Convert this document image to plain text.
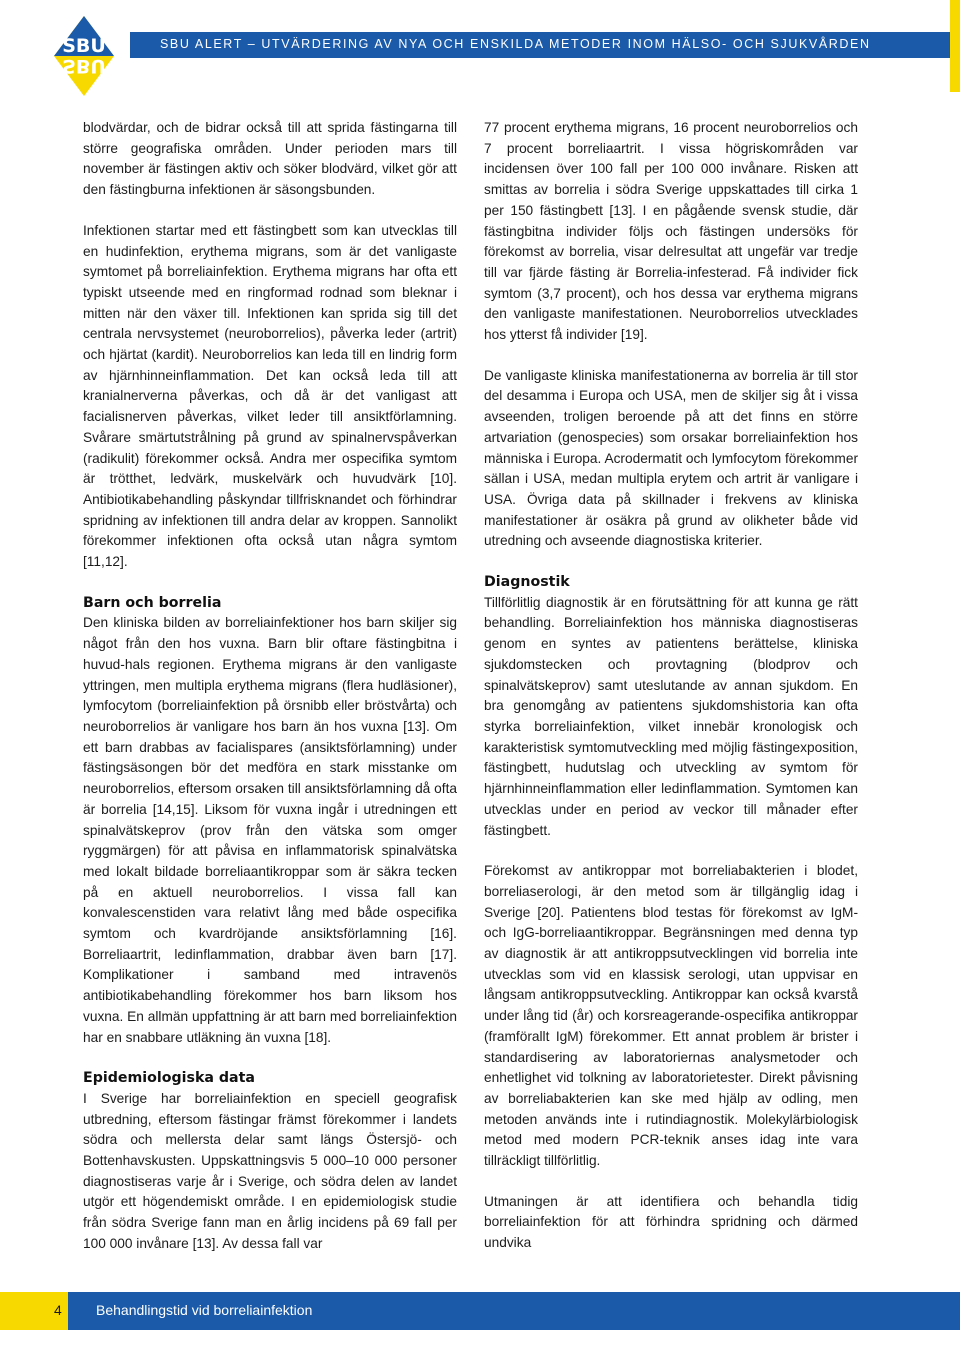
SBU ALERT – UTVÄRDERING AV NYA OCH ENSKILDA METODER INOM HÄLSO- OCH SJUKVÅRDEN
SBU
SBU

blodvärdar, och de bidrar också till att sprida fästingarna till större geografiska områden. Under perioden mars till november är fästingen aktiv och söker blodvärd, vilket gör att den fästingburna infektionen är säsongsbunden.

Infektionen startar med ett fästingbett som kan utvecklas till en hudinfektion, erythema migrans, som är det vanligaste symtomet på borreliainfektion. Erythema migrans har ofta ett typiskt utseende med en ringformad rodnad som bleknar i mitten när den växer till. Infektionen kan sprida sig till det centrala nervsystemet (neuroborrelios), påverka leder (artrit) och hjärtat (kardit). Neuroborrelios kan leda till en lindrig form av hjärnhinneinflammation. Det kan också leda till att kranialnerverna påverkas, och då är det vanligast att facialisnerven påverkas, vilket leder till ansiktförlamning. Svårare smärtutstrålning på grund av spinalnervspåverkan (radikulit) förekommer också. Andra mer ospecifika symtom är trötthet, ledvärk, muskelvärk och huvudvärk [10]. Antibiotikabehandling påskyndar tillfrisknandet och förhindrar spridning av infektionen till andra delar av kroppen. Sannolikt förekommer infektionen ofta också utan några symtom [11,12].

Barn och borrelia

Den kliniska bilden av borreliainfektioner hos barn skiljer sig något från den hos vuxna. Barn blir oftare fästingbitna i huvud-hals regionen. Erythema migrans är den vanligaste yttringen, men multipla erythema migrans (flera hudläsioner), lymfocytom (borreliainfektion på örsnibb eller bröstvårta) och neuroborrelios är vanligare hos barn än hos vuxna [13]. Om ett barn drabbas av facialispares (ansiktsförlamning) under fästingsäsongen bör det medföra en stark misstanke om neuroborrelios, eftersom orsaken till ansiktsförlamning då ofta är borrelia [14,15]. Liksom för vuxna ingår i utredningen ett spinalvätskeprov (prov från den vätska som omger ryggmärgen) för att påvisa en inflammatorisk spinalvätska med lokalt bildade borreliaantikroppar som är säkra tecken på en aktuell neuroborrelios. I vissa fall kan konvalescenstiden vara relativt lång med både ospecifika symtom och kvardröjande ansiktsförlamning [16]. Borreliaartrit, ledinflammation, drabbar även barn [17]. Komplikationer i samband med intravenös antibiotikabehandling förekommer hos barn liksom hos vuxna. En allmän uppfattning är att barn med borreliainfektion har en snabbare utläkning än vuxna [18].

Epidemiologiska data

I Sverige har borreliainfektion en speciell geografisk utbredning, eftersom fästingar främst förekommer i landets södra och mellersta delar samt längs Östersjö- och Bottenhavskusten. Uppskattningsvis 5 000–10 000 personer diagnostiseras varje år i Sverige, och södra delen av landet utgör ett högendemiskt område. I en epidemiologisk studie från södra Sverige fann man en årlig incidens på 69 fall per 100 000 invånare [13]. Av dessa fall var

77 procent erythema migrans, 16 procent neuroborrelios och 7 procent borreliaartrit. I vissa högriskområden var incidensen över 100 fall per 100 000 invånare. Risken att smittas av borrelia i södra Sverige uppskattades till cirka 1 per 150 fästingbett [13]. I en pågående svensk studie, där fästingbitna individer följs och fästingen undersöks för förekomst av borrelia, visar delresultat att ungefär var tredje till var fjärde fästing är Borrelia-infesterad. Få individer fick symtom (3,7 procent), och hos dessa var erythema migrans den vanligaste manifestationen. Neuroborrelios utvecklades hos ytterst få individer [19].

De vanligaste kliniska manifestationerna av borrelia är till stor del desamma i Europa och USA, men de skiljer sig åt i vissa avseenden, troligen beroende på att det finns en större artvariation (genospecies) som orsakar borreliainfektion hos människa i Europa. Acrodermatit och lymfocytom förekommer sällan i USA, medan multipla erytem och artrit är vanligare i USA. Övriga data på skillnader i frekvens av kliniska manifestationer är osäkra på grund av olikheter både vid utredning och avseende diagnostiska kriterier.

Diagnostik

Tillförlitlig diagnostik är en förutsättning för att kunna ge rätt behandling. Borreliainfektion hos människa diagnostiseras genom en syntes av patientens berättelse, kliniska sjukdomstecken och provtagning (blodprov och spinalvätskeprov) samt uteslutande av annan sjukdom. En bra genomgång av patientens sjukdomshistoria kan ofta styrka borreliainfektion, vilket innebär kronologisk och karakteristisk symtomutveckling med möjlig fästingexposition, fästingbett, hudutslag och utveckling av symtom för hjärnhinneinflammation eller ledinflammation. Symtomen kan utvecklas under en period av veckor till månader efter fästingbett.

Förekomst av antikroppar mot borreliabakterien i blodet, borreliaserologi, är den metod som är tillgänglig idag i Sverige [20]. Patientens blod testas för förekomst av IgM- och IgG-borreliaantikroppar. Begränsningen med denna typ av diagnostik är att antikroppsutvecklingen vid borrelia inte utvecklas som vid en klassisk serologi, utan uppvisar en långsam antikroppsutveckling. Antikroppar kan också kvarstå under lång tid (år) och korsreagerande-ospecifika antikroppar (framförallt IgM) förekommer. Ett annat problem är brister i standardisering av laboratoriernas analysmetoder och enhetlighet vid tolkning av laboratorietester. Direkt påvisning av borreliabakterien kan ske med hjälp av odling, men metoden används inte i rutindiagnostik. Molekylärbiologisk metod med modern PCR-teknik anses idag inte vara tillräckligt tillförlitlig.

Utmaningen är att identifiera och behandla tidig borreliainfektion för att förhindra spridning och därmed undvika

4 Behandlingstid vid borreliainfektion
